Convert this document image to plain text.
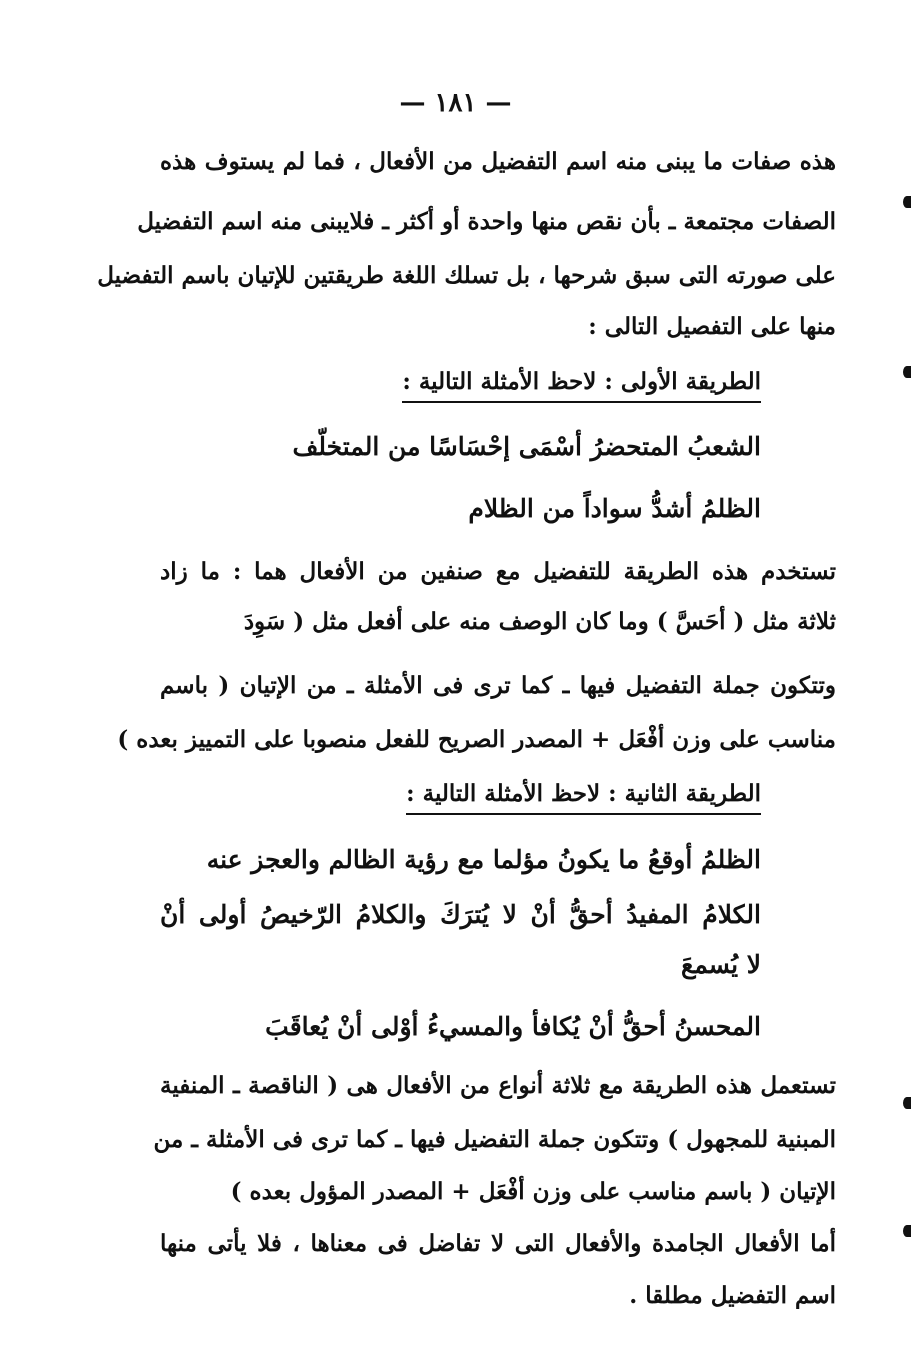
— ١٨١ —
هذه صفات ما يبنى منه اسم التفضيل من الأفعال ، فما لم يستوف هذه
الصفات مجتمعة ـ بأن نقص منها واحدة أو أكثر ـ فلايبنى منه اسم التفضيل
على صورته التى سبق شرحها ، بل تسلك اللغة طريقتين للإتيان باسم التفضيل
منها على التفصيل التالى :
الطريقة الأولى : لاحظ الأمثلة التالية :
الشعبُ المتحضرُ أسْمَى إحْسَاسًا من المتخلّف
الظلمُ أشدُّ سواداً من الظلام
تستخدم هذه الطريقة للتفضيل مع صنفين من الأفعال هما : ما زاد
ثلاثة مثل ( أحَسَّ ) وما كان الوصف منه على أفعل مثل ( سَوِدَ
وتتكون جملة التفضيل فيها ـ كما ترى فى الأمثلة ـ من الإتيان ( باسم
مناسب على وزن أفْعَل + المصدر الصريح للفعل منصوبا على التمييز بعده )
الطريقة الثانية : لاحظ الأمثلة التالية :
الظلمُ أوقعُ ما يكونُ مؤلما مع رؤية الظالم والعجز عنه
الكلامُ المفيدُ أحقُّ أنْ لا يُترَكَ والكلامُ الرّخيصُ أولى أنْ
لا يُسمعَ
المحسنُ أحقُّ أنْ يُكافأ والمسيءُ أوْلى أنْ يُعاقَبَ
تستعمل هذه الطريقة مع ثلاثة أنواع من الأفعال هى ( الناقصة ـ المنفية
المبنية للمجهول ) وتتكون جملة التفضيل فيها ـ كما ترى فى الأمثلة ـ من
الإتيان ( باسم مناسب على وزن أفْعَل + المصدر المؤول بعده )
أما الأفعال الجامدة والأفعال التى لا تفاضل فى معناها ، فلا يأتى منها
اسم التفضيل مطلقا .
